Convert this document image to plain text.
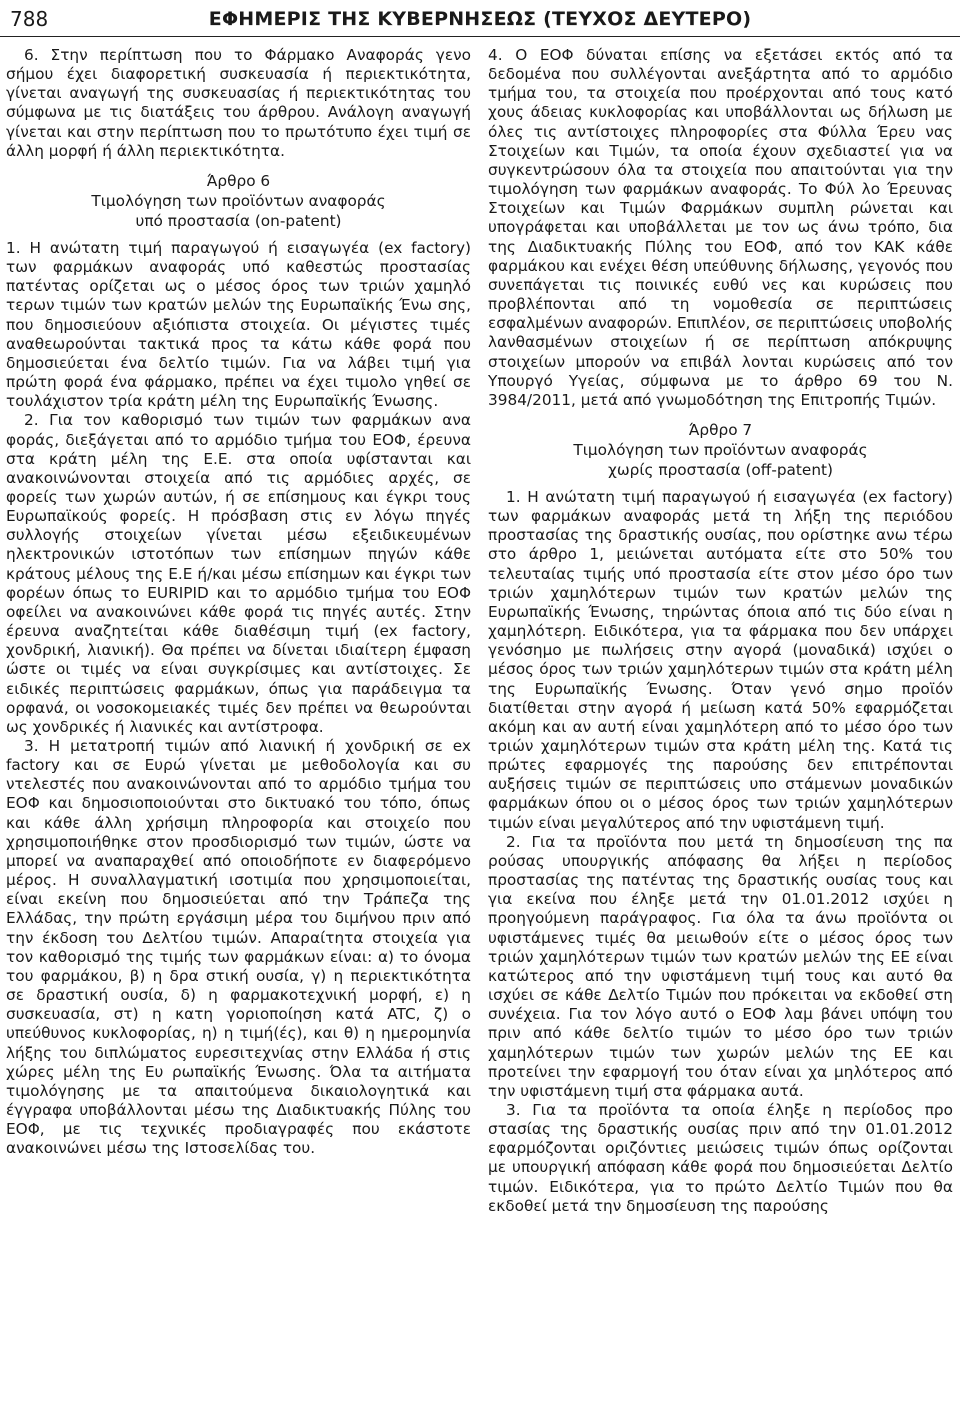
788	ΕΦΗΜΕΡΙΣ ΤΗΣ ΚΥΒΕΡΝΗΣΕΩΣ (ΤΕΥΧΟΣ ΔΕΥΤΕΡΟ)

6. Στην περίπτωση που το Φάρμακο Αναφοράς γενο σήμου έχει διαφορετική συσκευασία ή περιεκτικότητα, γίνεται αναγωγή της συσκευασίας ή περιεκτικότητας του σύμφωνα με τις διατάξεις του άρθρου. Ανάλογη αναγωγή γίνεται και στην περίπτωση που το πρωτότυπο έχει τιμή σε άλλη μορφή ή άλλη περιεκτικότητα.

Άρθρο 6
Τιμολόγηση των προϊόντων αναφοράς
υπό προστασία (on-patent)

1. Η ανώτατη τιμή παραγωγού ή εισαγωγέα (ex factory) των φαρμάκων αναφοράς υπό καθεστώς προστασίας πατέντας ορίζεται ως ο μέσος όρος των τριών χαμηλό τερων τιμών των κρατών μελών της Ευρωπαϊκής Ένω σης, που δημοσιεύουν αξιόπιστα στοιχεία. Οι μέγιστες τιμές αναθεωρούνται τακτικά προς τα κάτω κάθε φορά που δημοσιεύεται ένα δελτίο τιμών. Για να λάβει τιμή για πρώτη φορά ένα φάρμακο, πρέπει να έχει τιμολο γηθεί σε τουλάχιστον τρία κράτη μέλη της Ευρωπαϊκής Ένωσης.

2. Για τον καθορισμό των τιμών των φαρμάκων ανα φοράς, διεξάγεται από το αρμόδιο τμήμα του ΕΟΦ, έρευνα στα κράτη μέλη της Ε.Ε. στα οποία υφίστανται και ανακοινώνονται στοιχεία από τις αρμόδιες αρχές, σε φορείς των χωρών αυτών, ή σε επίσημους και έγκρι τους Ευρωπαϊκούς φορείς. Η πρόσβαση στις εν λόγω πηγές συλλογής στοιχείων γίνεται μέσω εξειδικευμένων ηλεκτρονικών ιστοτόπων των επίσημων πηγών κάθε κράτους μέλους της Ε.Ε ή/και μέσω επίσημων και έγκρι των φορέων όπως το EURIPID και το αρμόδιο τμήμα του ΕΟΦ οφείλει να ανακοινώνει κάθε φορά τις πηγές αυτές. Στην έρευνα αναζητείται κάθε διαθέσιμη τιμή (ex factory, χονδρική, λιανική). Θα πρέπει να δίνεται ιδιαίτερη έμφαση ώστε οι τιμές να είναι συγκρίσιμες και αντίστοιχες. Σε ειδικές περιπτώσεις φαρμάκων, όπως για παράδειγμα τα ορφανά, οι νοσοκομειακές τιμές δεν πρέπει να θεωρούνται ως χονδρικές ή λιανικές και αντίστροφα.

3. Η μετατροπή τιμών από λιανική ή χονδρική σε ex factory και σε Ευρώ γίνεται με μεθοδολογία και συ ντελεστές που ανακοινώνονται από το αρμόδιο τμήμα του ΕΟΦ και δημοσιοποιούνται στο δικτυακό του τόπο, όπως και κάθε άλλη χρήσιμη πληροφορία και στοιχείο που χρησιμοποιήθηκε στον προσδιορισμό των τιμών, ώστε να μπορεί να αναπαραχθεί από οποιοδήποτε εν διαφερόμενο μέρος. Η συναλλαγματική ισοτιμία που χρησιμοποιείται, είναι εκείνη που δημοσιεύεται από την Τράπεζα της Ελλάδας, την πρώτη εργάσιμη μέρα του διμήνου πριν από την έκδοση του Δελτίου τιμών. Απαραίτητα στοιχεία για τον καθορισμό της τιμής των φαρμάκων είναι: α) το όνομα του φαρμάκου, β) η δρα στική ουσία, γ) η περιεκτικότητα σε δραστική ουσία, δ) η φαρμακοτεχνική μορφή, ε) η συσκευασία, στ) η κατη γοριοποίηση κατά ATC, ζ) ο υπεύθυνος κυκλοφορίας, η) η τιμή(ές), και θ) η ημερομηνία λήξης του διπλώματος ευρεσιτεχνίας στην Ελλάδα ή στις χώρες μέλη της Ευ ρωπαϊκής Ένωσης. Όλα τα αιτήματα τιμολόγησης με τα απαιτούμενα δικαιολογητικά και έγγραφα υποβάλλονται μέσω της Διαδικτυακής Πύλης του ΕΟΦ, με τις τεχνικές προδιαγραφές που εκάστοτε ανακοινώνει μέσω της Ιστοσελίδας του.

4. Ο ΕΟΦ δύναται επίσης να εξετάσει εκτός από τα δεδομένα που συλλέγονται ανεξάρτητα από το αρμόδιο τμήμα του, τα στοιχεία που προέρχονται από τους κατό χους άδειας κυκλοφορίας και υποβάλλονται ως δήλωση με όλες τις αντίστοιχες πληροφορίες στα Φύλλα Έρευ νας Στοιχείων και Τιμών, τα οποία έχουν σχεδιαστεί για να συγκεντρώσουν όλα τα στοιχεία που απαιτούνται για την τιμολόγηση των φαρμάκων αναφοράς. Το Φύλ λο Έρευνας Στοιχείων και Τιμών Φαρμάκων συμπλη ρώνεται και υπογράφεται και υποβάλλεται με τον ως άνω τρόπο, δια της Διαδικτυακής Πύλης του ΕΟΦ, από τον ΚΑΚ κάθε φαρμάκου και ενέχει θέση υπεύθυνης δήλωσης, γεγονός που συνεπάγεται τις ποινικές ευθύ νες και κυρώσεις που προβλέπονται από τη νομοθεσία σε περιπτώσεις εσφαλμένων αναφορών. Επιπλέον, σε περιπτώσεις υποβολής λανθασμένων στοιχείων ή σε περίπτωση απόκρυψης στοιχείων μπορούν να επιβάλ λονται κυρώσεις από τον Υπουργό Υγείας, σύμφωνα με το άρθρο 69 του Ν. 3984/2011, μετά από γνωμοδότηση της Επιτροπής Τιμών.

Άρθρο 7
Τιμολόγηση των προϊόντων αναφοράς
χωρίς προστασία (off-patent)

1. Η ανώτατη τιμή παραγωγού ή εισαγωγέα (ex factory) των φαρμάκων αναφοράς μετά τη λήξη της περιόδου προστασίας της δραστικής ουσίας, που ορίστηκε ανω τέρω στο άρθρο 1, μειώνεται αυτόματα είτε στο 50% του τελευταίας τιμής υπό προστασία είτε στον μέσο όρο των τριών χαμηλότερων τιμών των κρατών μελών της Ευρωπαϊκής Ένωσης, τηρώντας όποια από τις δύο είναι η χαμηλότερη. Ειδικότερα, για τα φάρμακα που δεν υπάρχει γενόσημο με πωλήσεις στην αγορά (μοναδικά) ισχύει ο μέσος όρος των τριών χαμηλότερων τιμών στα κράτη μέλη της Ευρωπαϊκής Ένωσης. Όταν γενό σημο προϊόν διατίθεται στην αγορά ή μείωση κατά 50% εφαρμόζεται ακόμη και αν αυτή είναι χαμηλότερη από το μέσο όρο των τριών χαμηλότερων τιμών στα κράτη μέλη της. Κατά τις πρώτες εφαρμογές της παρούσης δεν επιτρέπονται αυξήσεις τιμών σε περιπτώσεις υπο στάμενων μοναδικών φαρμάκων όπου οι ο μέσος όρος των τριών χαμηλότερων τιμών είναι μεγαλύτερος από την υφιστάμενη τιμή.

2. Για τα προϊόντα που μετά τη δημοσίευση της πα ρούσας υπουργικής απόφασης θα λήξει η περίοδος προστασίας της πατέντας της δραστικής ουσίας τους και για εκείνα που έληξε μετά την 01.01.2012 ισχύει η προηγούμενη παράγραφος. Για όλα τα άνω προϊόντα οι υφιστάμενες τιμές θα μειωθούν είτε ο μέσος όρος των τριών χαμηλότερων τιμών των κρατών μελών της ΕΕ είναι κατώτερος από την υφιστάμενη τιμή τους και αυτό θα ισχύει σε κάθε Δελτίο Τιμών που πρόκειται να εκδοθεί στη συνέχεια. Για τον λόγο αυτό ο ΕΟΦ λαμ βάνει υπόψη του πριν από κάθε δελτίο τιμών το μέσο όρο των τριών χαμηλότερων τιμών των χωρών μελών της ΕΕ και προτείνει την εφαρμογή του όταν είναι χα μηλότερος από την υφιστάμενη τιμή στα φάρμακα αυτά.

3. Για τα προϊόντα τα οποία έληξε η περίοδος προ στασίας της δραστικής ουσίας πριν από την 01.01.2012 εφαρμόζονται οριζόντιες μειώσεις τιμών όπως ορίζονται με υπουργική απόφαση κάθε φορά που δημοσιεύεται Δελτίο τιμών. Ειδικότερα, για το πρώτο Δελτίο Τιμών που θα εκδοθεί μετά την δημοσίευση της παρούσης
